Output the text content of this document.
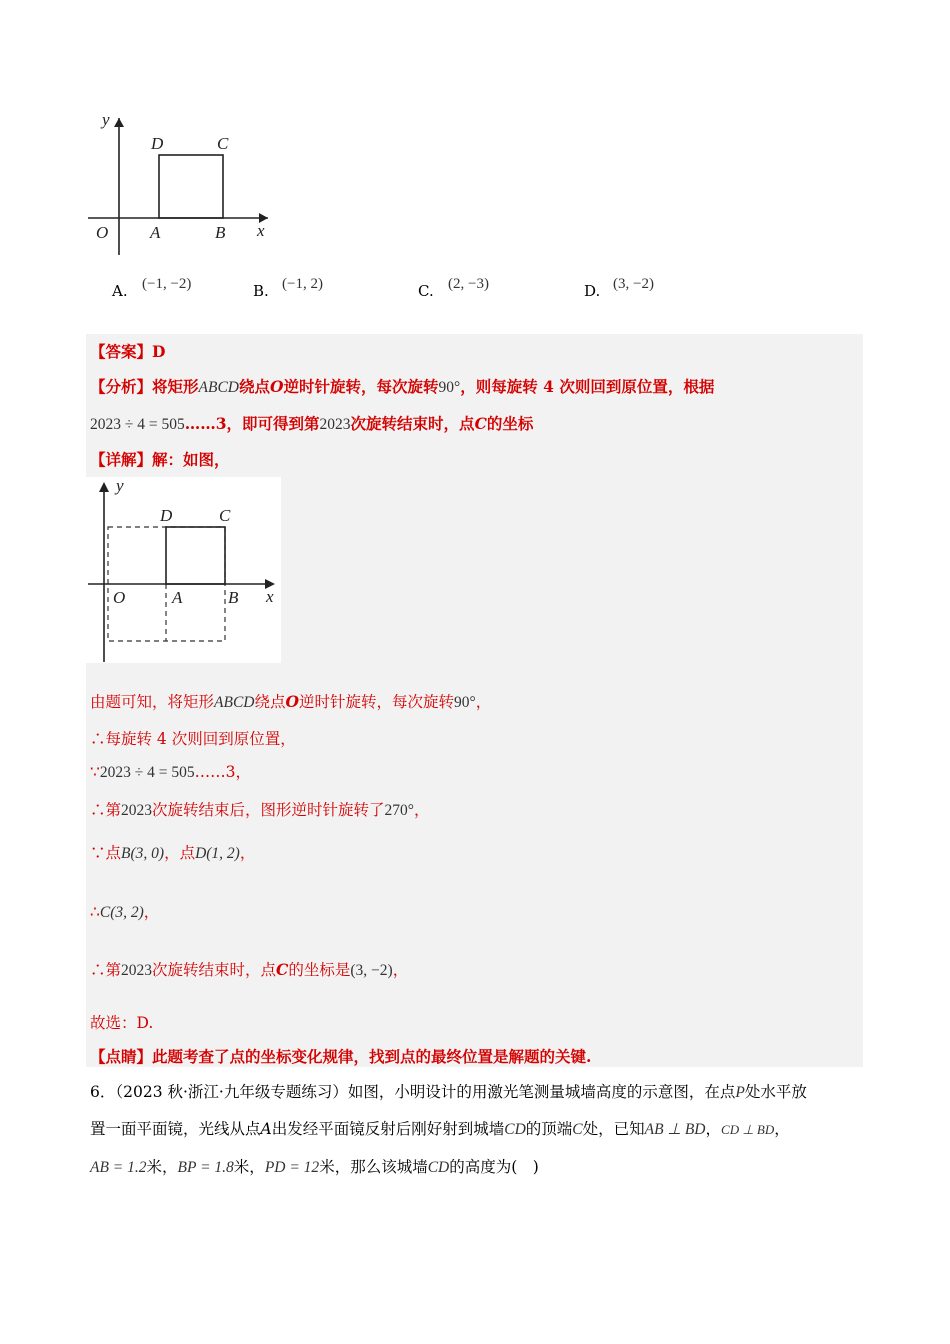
y
x
O A	B
C
D
A. (−1, −2)	B. (−1, 2)	C. (2, −3)	D. (3, −2)
【答案】D
【分析】将矩形ABCD绕点O逆时针旋转，每次旋转90°，则每旋转 4 次则回到原位置，根据
2023 ÷ 4 = 505……3，即可得到第2023次旋转结束时，点C的坐标
【详解】解：如图，
y
x
O	A	B
C
D
由题可知，将矩形ABCD绕点O逆时针旋转，每次旋转90°，
∴每旋转 4 次则回到原位置，
∵2023 ÷ 4 = 505……3，
∴第2023次旋转结束后，图形逆时针旋转了270°，
∵点B(3, 0)，点D(1, 2)，
∴C(3, 2)，
∴第2023次旋转结束时，点C的坐标是(3, −2)，
故选：D.
【点睛】此题考查了点的坐标变化规律，找到点的最终位置是解题的关键.
6．（2023 秋·浙江·九年级专题练习）如图，小明设计的用激光笔测量城墙高度的示意图，在点P处水平放
置一面平面镜，光线从点A出发经平面镜反射后刚好射到城墙CD的顶端C处，已知AB ⊥ BD，CD ⊥ BD，
AB = 1.2米，BP = 1.8米，PD = 12米，那么该城墙CD的高度为(　)
